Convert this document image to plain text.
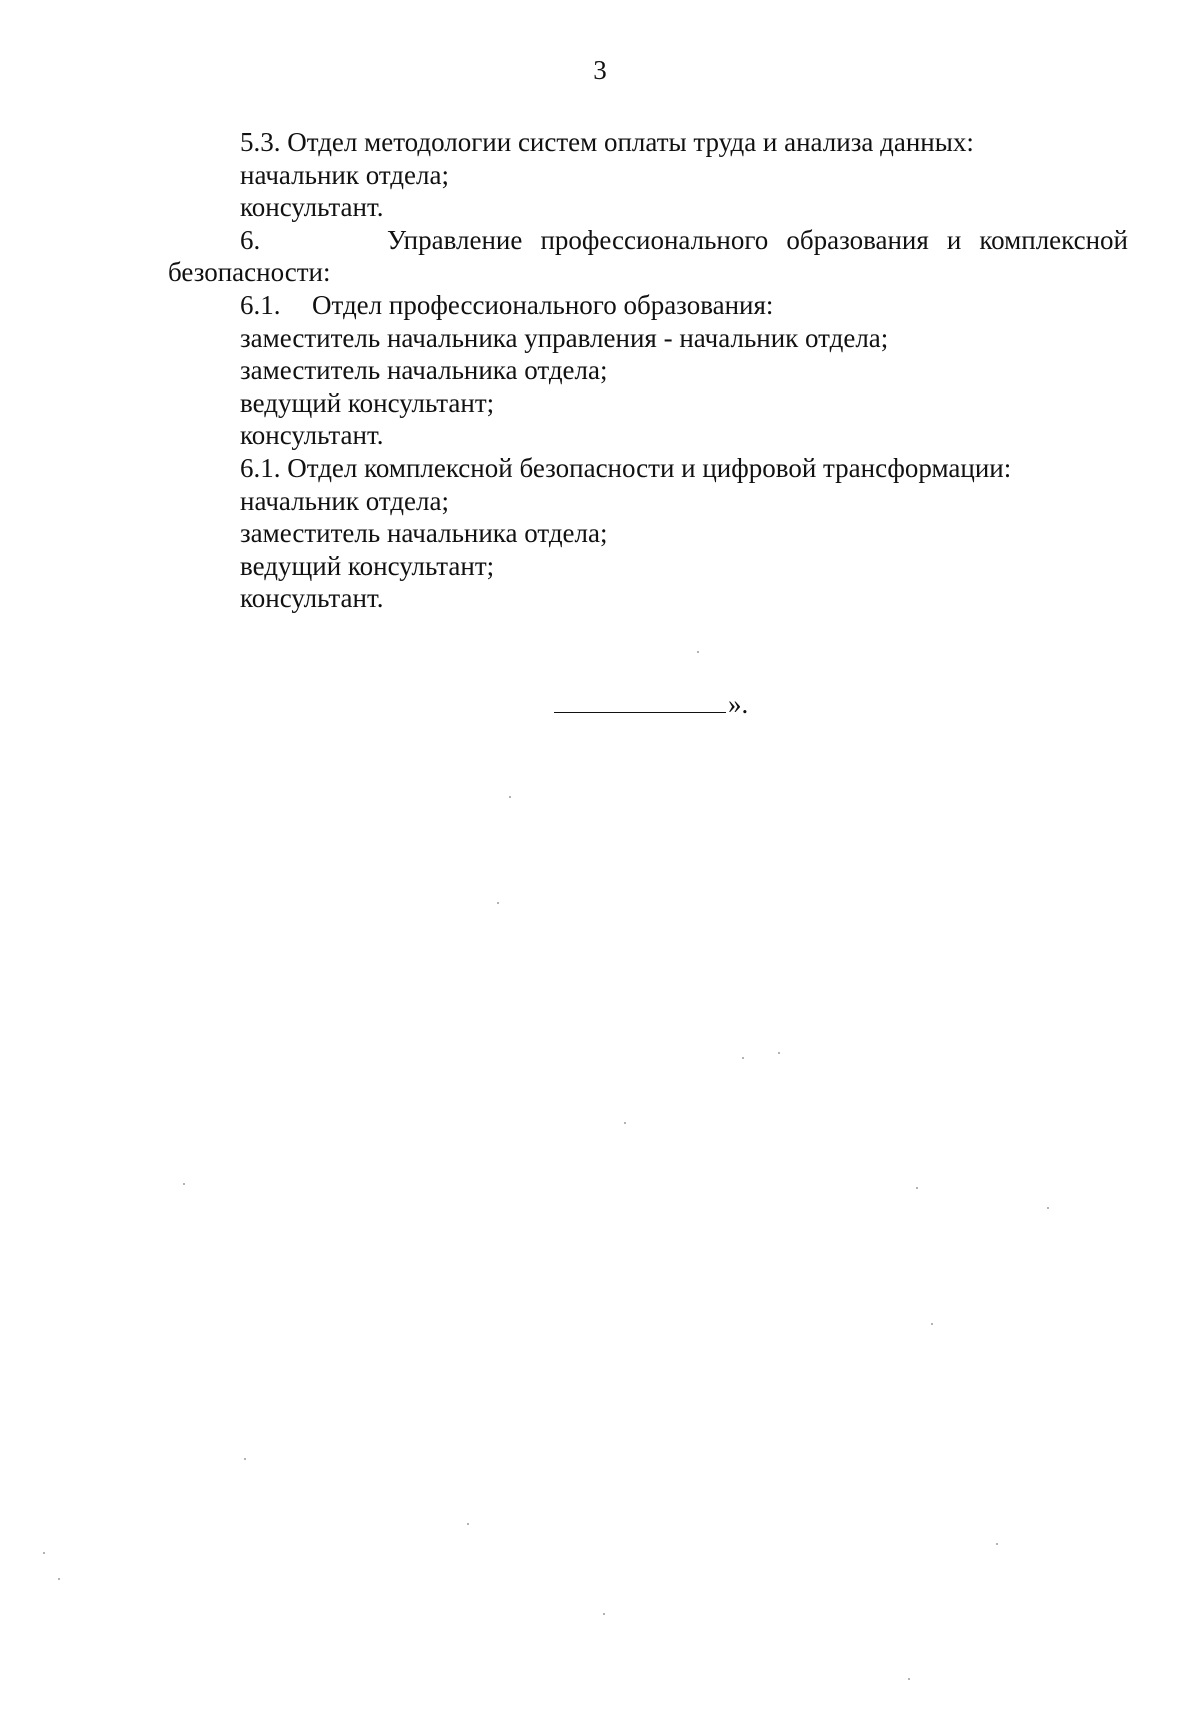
3
5.3. Отдел методологии систем оплаты труда и анализа данных:
начальник отдела;
консультант.
6.	Управление профессионального образования и комплексной безопасности:
6.1. Отдел профессионального образования:
заместитель начальника управления - начальник отдела;
заместитель начальника отдела;
ведущий консультант;
консультант.
6.1. Отдел комплексной безопасности и цифровой трансформации:
начальник отдела;
заместитель начальника отдела;
ведущий консультант;
консультант.
».
